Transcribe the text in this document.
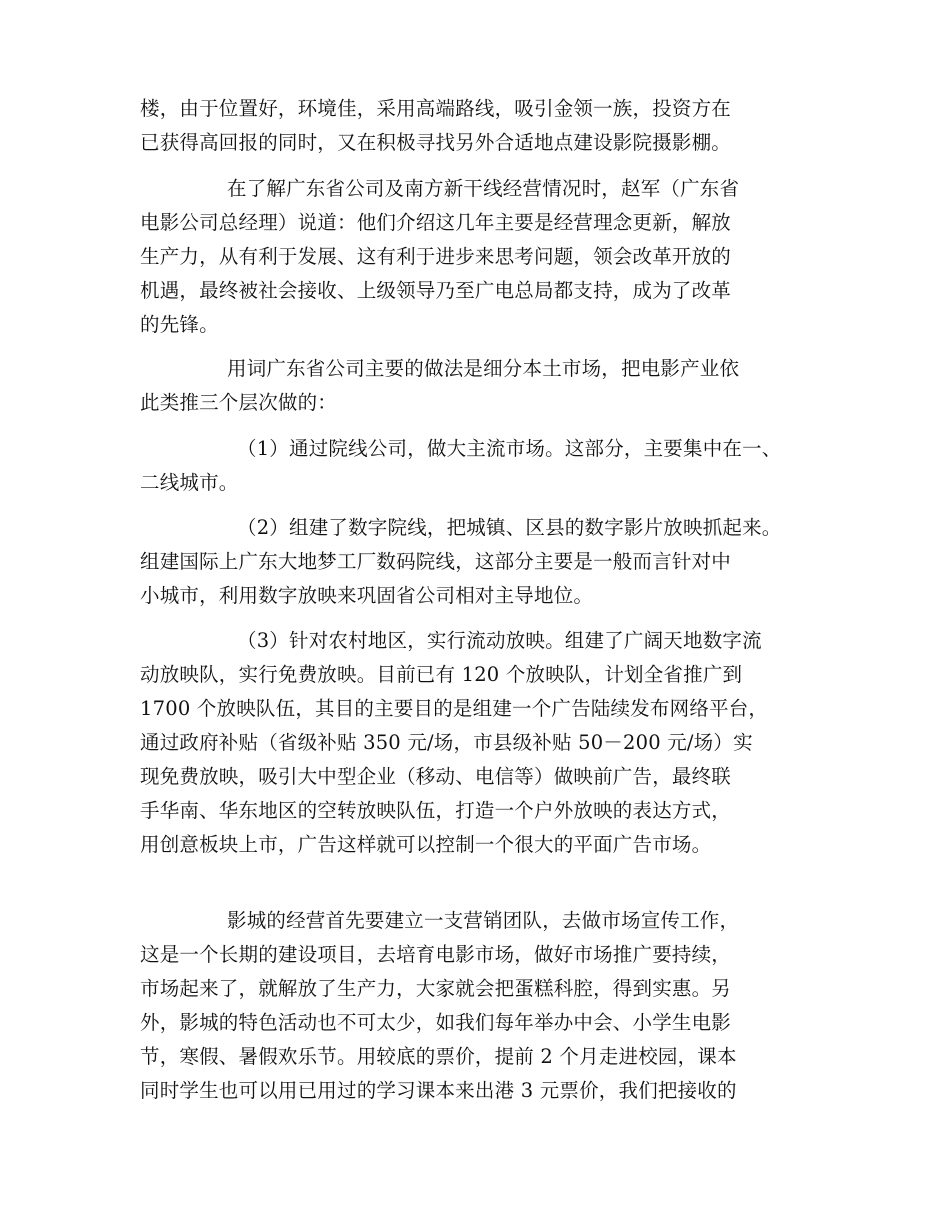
楼，由于位置好，环境佳，采用高端路线，吸引金领一族，投资方在
已获得高回报的同时，又在积极寻找另外合适地点建设影院摄影棚。
在了解广东省公司及南方新干线经营情况时，赵军（广东省
电影公司总经理）说道：他们介绍这几年主要是经营理念更新，解放
生产力，从有利于发展、这有利于进步来思考问题，领会改革开放的
机遇，最终被社会接收、上级领导乃至广电总局都支持，成为了改革
的先锋。
用词广东省公司主要的做法是细分本土市场，把电影产业依
此类推三个层次做的：
（1）通过院线公司，做大主流市场。这部分，主要集中在一、
二线城市。
（2）组建了数字院线，把城镇、区县的数字影片放映抓起来。
组建国际上广东大地梦工厂数码院线，这部分主要是一般而言针对中
小城市，利用数字放映来巩固省公司相对主导地位。
（3）针对农村地区，实行流动放映。组建了广阔天地数字流
动放映队，实行免费放映。目前已有 120 个放映队，计划全省推广到
1700 个放映队伍，其目的主要目的是组建一个广告陆续发布网络平台，
通过政府补贴（省级补贴 350 元/场，市县级补贴 50－200 元/场）实
现免费放映，吸引大中型企业（移动、电信等）做映前广告，最终联
手华南、华东地区的空转放映队伍，打造一个户外放映的表达方式，
用创意板块上市，广告这样就可以控制一个很大的平面广告市场。
影城的经营首先要建立一支营销团队，去做市场宣传工作，
这是一个长期的建设项目，去培育电影市场，做好市场推广要持续，
市场起来了，就解放了生产力，大家就会把蛋糕科腔，得到实惠。另
外，影城的特色活动也不可太少，如我们每年举办中会、小学生电影
节，寒假、暑假欢乐节。用较底的票价，提前 2 个月走进校园，课本
同时学生也可以用已用过的学习课本来出港 3 元票价，我们把接收的
